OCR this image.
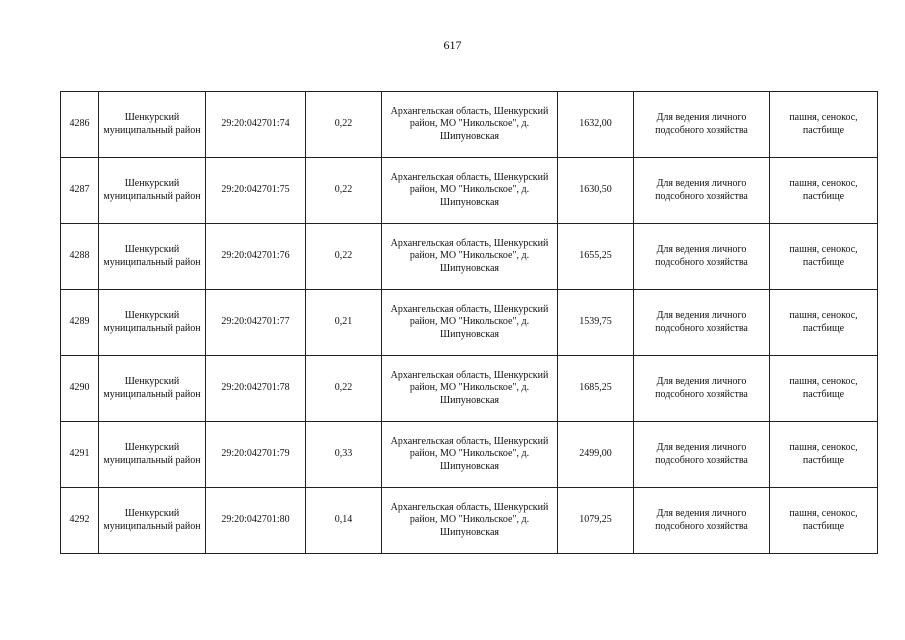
617
4286	Шенкурский муниципальный район	29:20:042701:74	0,22	Архангельская область, Шенкурский район, МО "Никольское", д. Шипуновская	1632,00	Для ведения личного подсобного хозяйства	пашня, сенокос, пастбище
4287	Шенкурский муниципальный район	29:20:042701:75	0,22	Архангельская область, Шенкурский район, МО "Никольское", д. Шипуновская	1630,50	Для ведения личного подсобного хозяйства	пашня, сенокос, пастбище
4288	Шенкурский муниципальный район	29:20:042701:76	0,22	Архангельская область, Шенкурский район, МО "Никольское", д. Шипуновская	1655,25	Для ведения личного подсобного хозяйства	пашня, сенокос, пастбище
4289	Шенкурский муниципальный район	29:20:042701:77	0,21	Архангельская область, Шенкурский район, МО "Никольское", д. Шипуновская	1539,75	Для ведения личного подсобного хозяйства	пашня, сенокос, пастбище
4290	Шенкурский муниципальный район	29:20:042701:78	0,22	Архангельская область, Шенкурский район, МО "Никольское", д. Шипуновская	1685,25	Для ведения личного подсобного хозяйства	пашня, сенокос, пастбище
4291	Шенкурский муниципальный район	29:20:042701:79	0,33	Архангельская область, Шенкурский район, МО "Никольское", д. Шипуновская	2499,00	Для ведения личного подсобного хозяйства	пашня, сенокос, пастбище
4292	Шенкурский муниципальный район	29:20:042701:80	0,14	Архангельская область, Шенкурский район, МО "Никольское", д. Шипуновская	1079,25	Для ведения личного подсобного хозяйства	пашня, сенокос, пастбище
